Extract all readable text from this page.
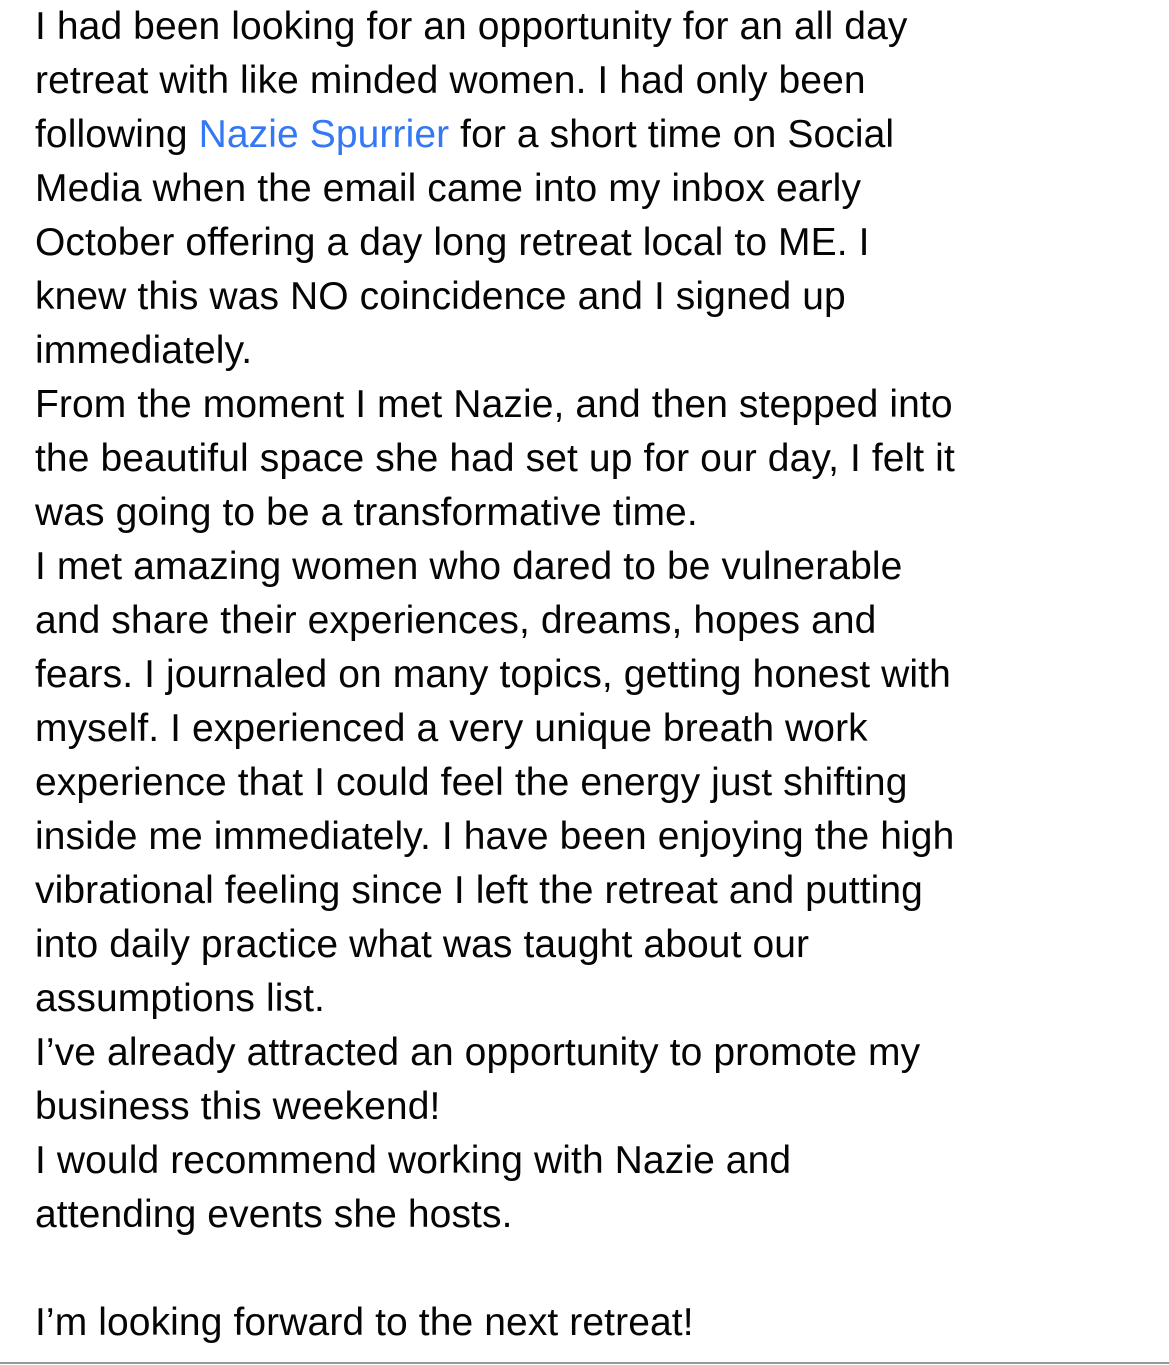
I had been looking for an opportunity for an all day
retreat with like minded women. I had only been
following Nazie Spurrier for a short time on Social
Media when the email came into my inbox early
October offering a day long retreat local to ME. I
knew this was NO coincidence and I signed up
immediately.
From the moment I met Nazie, and then stepped into
the beautiful space she had set up for our day, I felt it
was going to be a transformative time.
I met amazing women who dared to be vulnerable
and share their experiences, dreams, hopes and
fears. I journaled on many topics, getting honest with
myself. I experienced a very unique breath work
experience that I could feel the energy just shifting
inside me immediately. I have been enjoying the high
vibrational feeling since I left the retreat and putting
into daily practice what was taught about our
assumptions list.
I’ve already attracted an opportunity to promote my
business this weekend!
I would recommend working with Nazie and
attending events she hosts.
I’m looking forward to the next retreat!
